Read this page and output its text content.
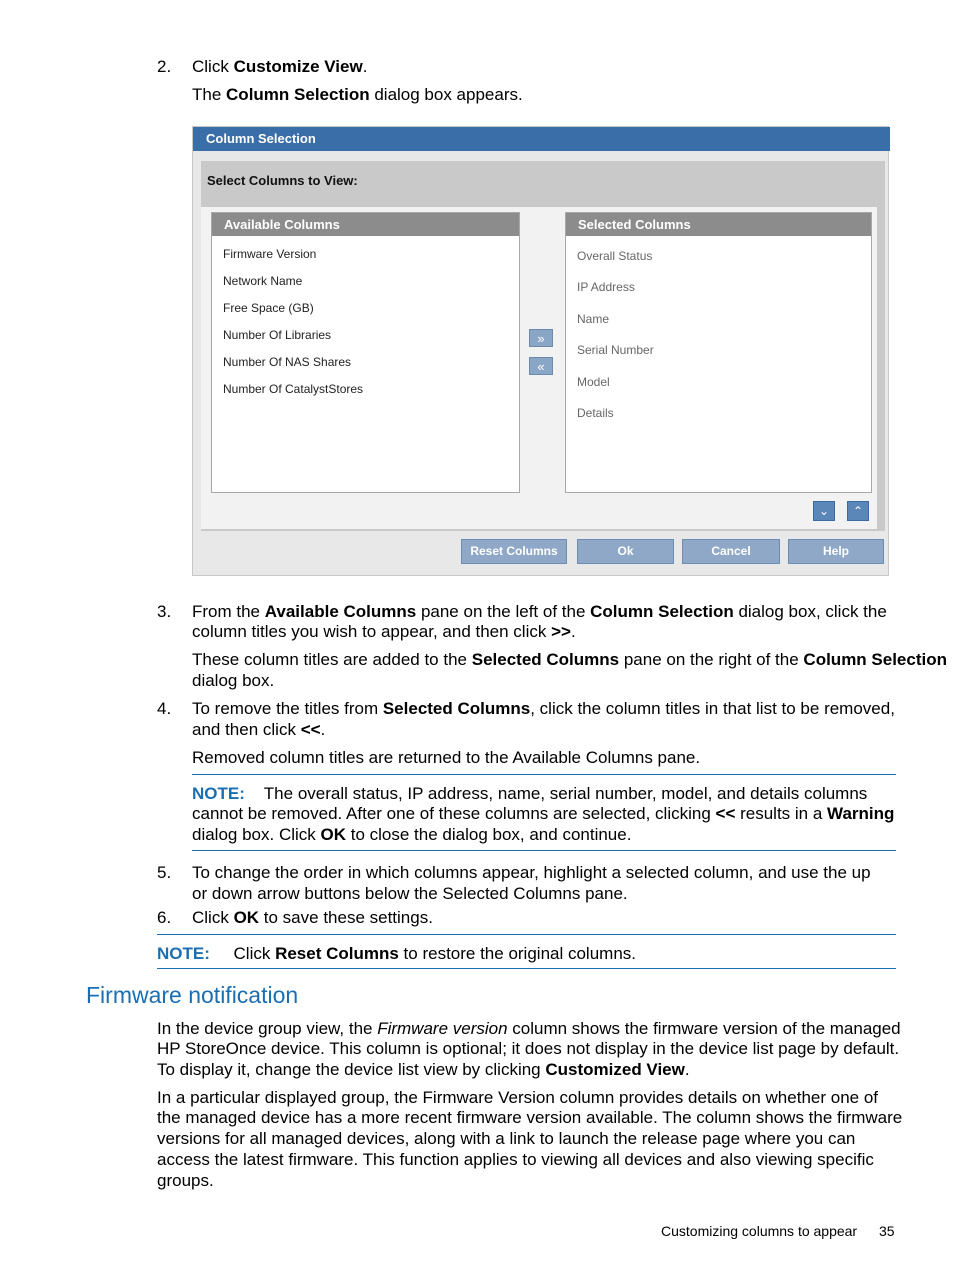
2. Click Customize View.
The Column Selection dialog box appears.
Column Selection
Select Columns to View:
Available Columns
Firmware Version
Network Name
Free Space (GB)
Number Of Libraries
Number Of NAS Shares
Number Of CatalystStores
»
«
Selected Columns
Overall Status
IP Address
Name
Serial Number
Model
Details
⌄	⌃
Reset Columns	Ok	Cancel	Help
3. From the Available Columns pane on the left of the Column Selection dialog box, click the
column titles you wish to appear, and then click >>.
These column titles are added to the Selected Columns pane on the right of the Column Selection
dialog box.
4. To remove the titles from Selected Columns, click the column titles in that list to be removed,
and then click <<.
Removed column titles are returned to the Available Columns pane.
NOTE: The overall status, IP address, name, serial number, model, and details columns
cannot be removed. After one of these columns are selected, clicking << results in a Warning
dialog box. Click OK to close the dialog box, and continue.
5. To change the order in which columns appear, highlight a selected column, and use the up
or down arrow buttons below the Selected Columns pane.
6. Click OK to save these settings.
NOTE: Click Reset Columns to restore the original columns.
Firmware notification
In the device group view, the Firmware version column shows the firmware version of the managed
HP StoreOnce device. This column is optional; it does not display in the device list page by default.
To display it, change the device list view by clicking Customized View.
In a particular displayed group, the Firmware Version column provides details on whether one of
the managed device has a more recent firmware version available. The column shows the firmware
versions for all managed devices, along with a link to launch the release page where you can
access the latest firmware. This function applies to viewing all devices and also viewing specific
groups.
Customizing columns to appear 35
